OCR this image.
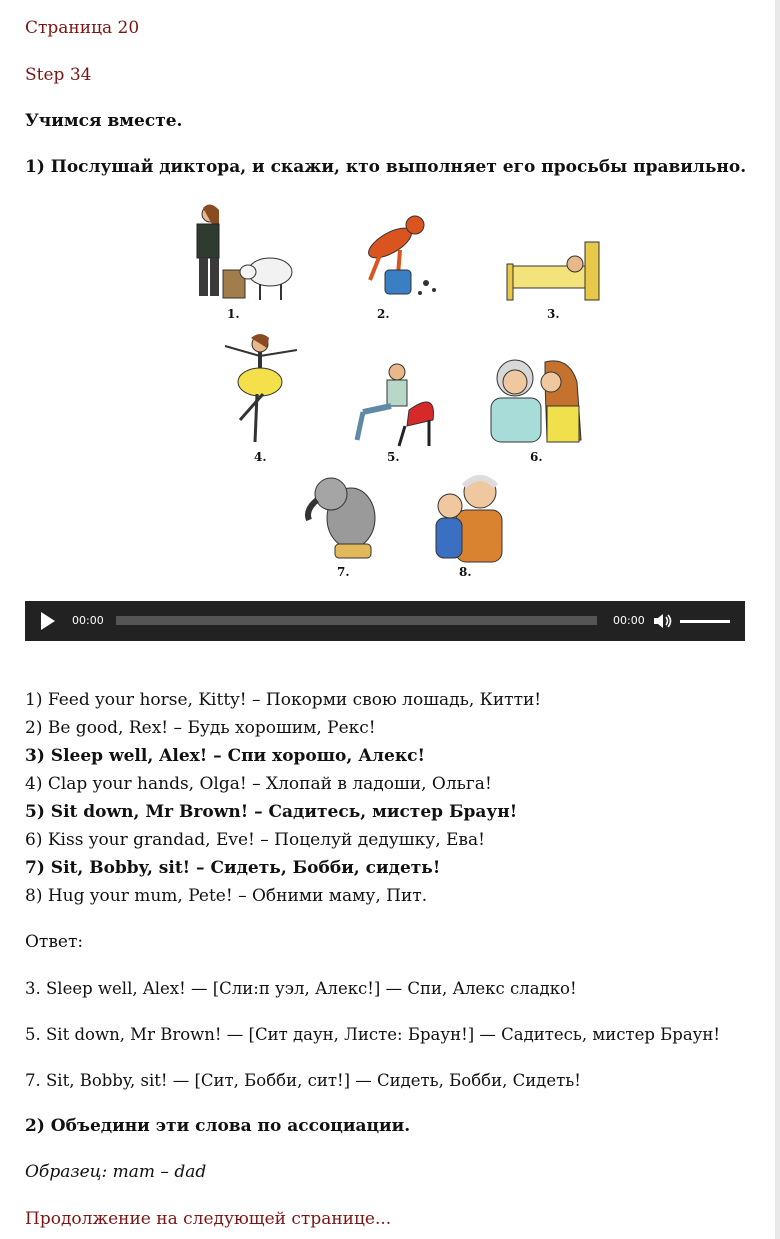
Страница 20
Step 34
Учимся вместе.
1) Послушай диктора, и скажи, кто выполняет его просьбы правильно.
1.	2.	3.
4.	5.	6.
7.	8.
00:00	00:00
1) Feed your horse, Kitty! – Покорми свою лошадь, Китти!
2) Be good, Rex! – Будь хорошим, Рекс!
3) Sleep well, Alex! – Спи хорошо, Алекс!
4) Clap your hands, Olga! – Хлопай в ладоши, Ольга!
5) Sit down, Mr Brown! – Садитесь, мистер Браун!
6) Kiss your grandad, Eve! – Поцелуй дедушку, Ева!
7) Sit, Bobby, sit! – Сидеть, Бобби, сидеть!
8) Hug your mum, Pete! – Обними маму, Пит.
Ответ:
3. Sleep well, Alex! — [Сли:п уэл, Алекс!] — Спи, Алекс сладко!
5. Sit down, Mr Brown! — [Сит даун, Листе: Браун!] — Садитесь, мистер Браун!
7. Sit, Bobby, sit! — [Сит, Бобби, сит!] — Сидеть, Бобби, Сидеть!
2) Объедини эти слова по ассоциации.
Образец: mam – dad
Продолжение на следующей странице...
